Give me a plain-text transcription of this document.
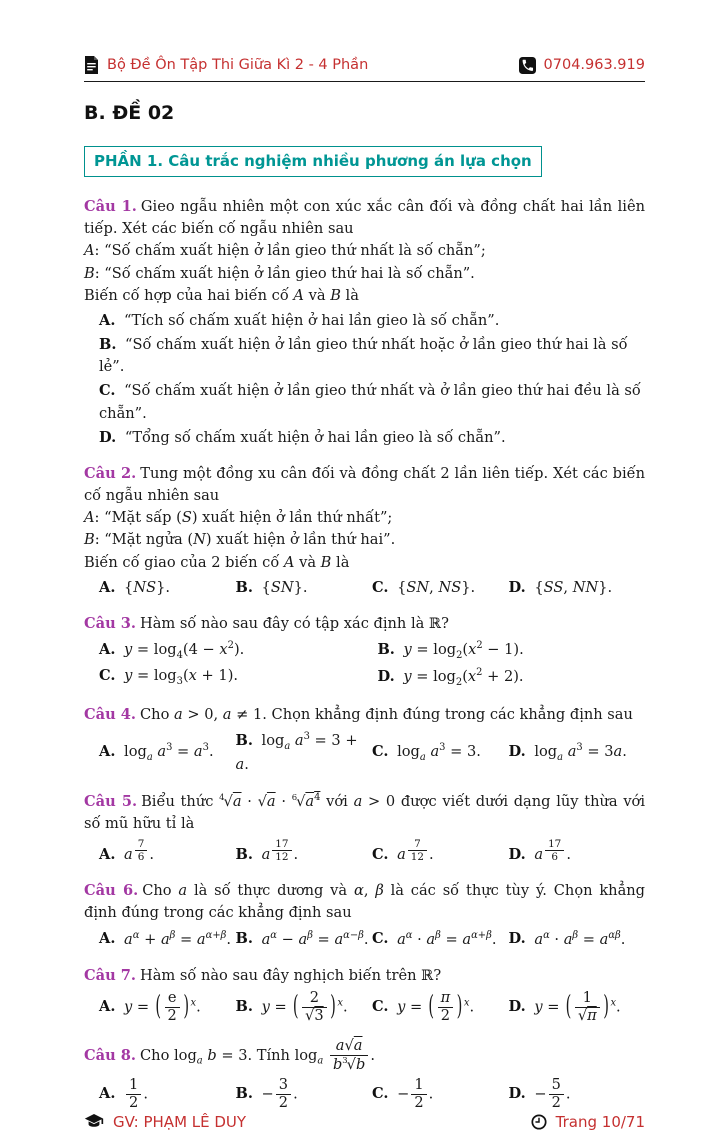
Bộ Đề Ôn Tập Thi Giữa Kì 2 - 4 Phần	0704.963.919
B. ĐỀ 02
PHẦN 1. Câu trắc nghiệm nhiều phương án lựa chọn

Câu 1. Gieo ngẫu nhiên một con xúc xắc cân đối và đồng chất hai lần liên tiếp. Xét các biến cố ngẫu nhiên sau

A: “Số chấm xuất hiện ở lần gieo thứ nhất là số chẵn”;

B: “Số chấm xuất hiện ở lần gieo thứ hai là số chẵn”.

Biến cố hợp của hai biến cố A và B là

A. “Tích số chấm xuất hiện ở hai lần gieo là số chẵn”.
B. “Số chấm xuất hiện ở lần gieo thứ nhất hoặc ở lần gieo thứ hai là số lẻ”.
C. “Số chấm xuất hiện ở lần gieo thứ nhất và ở lần gieo thứ hai đều là số chẵn”.
D. “Tổng số chấm xuất hiện ở hai lần gieo là số chẵn”.

Câu 2. Tung một đồng xu cân đối và đồng chất 2 lần liên tiếp. Xét các biến cố ngẫu nhiên sau

A: “Mặt sấp (S) xuất hiện ở lần thứ nhất”;

B: “Mặt ngửa (N) xuất hiện ở lần thứ hai”.

Biến cố giao của 2 biến cố A và B là

A. {NS}.	B. {SN}.	C. {SN, NS}.	D. {SS, NN}.

Câu 3. Hàm số nào sau đây có tập xác định là ℝ?

A. $y = \log_4(4 - x^2)$.	B. $y = \log_2(x^2 - 1)$.
C. $y = \log_3(x + 1)$.	D. $y = \log_2(x^2 + 2)$.

Câu 4. Cho a > 0, a ≠ 1. Chọn khẳng định đúng trong các khẳng định sau

A. $\log_a a^3 = a^3$.
B. $\log_a a^3 = 3 + a$.
C. $\log_a a^3 = 3$.	D. $\log_a a^3 = 3a$.

Câu 5. Biểu thức $^4√a \cdot √a \cdot ^6√a^4$ với a > 0 được viết dưới dạng lũy thừa với số mũ hữu tỉ là

A. a $^{\frac{7}{6}}$ .	B. a $^{\frac{17}{12}}$ .	C. a $^{\frac{7}{12}}$ .	D. a $^{\frac{17}{6}}$ .

Câu 6. Cho a là số thực dương và α, β là các số thực tùy ý. Chọn khẳng định đúng trong các khẳng định sau

A. $a^\alpha + a^\beta = a^{\alpha+\beta}$. B. $a^\alpha - a^\beta = a^{\alpha-\beta}$. C. $a^\alpha \cdot a^\beta = a^{\alpha+\beta}$. D. $a^\alpha \cdot a^\beta = a^{\alpha\beta}$.

Câu 7. Hàm số nào sau đây nghịch biến trên ℝ?

A. y = ( $\frac{e}{2}$ ) $^x$.	B. y = ( $\frac{2}{√3}$ ) $^x$.	C. y = ( $\frac{\pi}{2}$ ) $^x$.	D. y = ( $\frac{1}{√\pi}$ ) $^x$.

Câu 8. Cho $\log_a b = 3$. Tính $\log_a \frac{a√a}{b^3√b}$ .

A. $\frac{1}{2}$ .	B. − $\frac{3}{2}$ .	C. − $\frac{1}{2}$ .	D. − $\frac{5}{2}$ .
GV: PHẠM LÊ DUY	Trang 10/71
